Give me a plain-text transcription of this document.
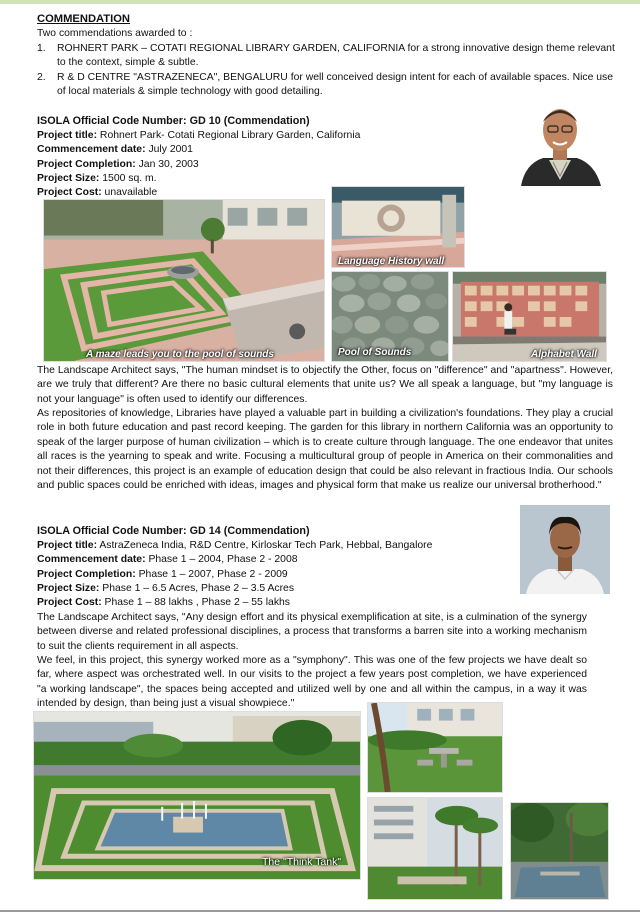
COMMENDATION
Two commendations awarded to :
1. ROHNERT PARK – COTATI REGIONAL LIBRARY GARDEN, CALIFORNIA for a strong innovative design theme relevant to the context, simple & subtle.
2. R & D CENTRE "ASTRAZENECA", BENGALURU for well conceived design intent for each of available spaces. Nice use of local materials & simple technology with good detailing.
ISOLA Official Code Number: GD 10 (Commendation)
Project title: Rohnert Park- Cotati Regional Library Garden, California
Commencement date: July 2001
Project Completion: Jan 30, 2003
Project Size: 1500 sq. m.
Project Cost: unavailable
A maze leads you to the pool of sounds
Language History wall
Pool of Sounds	Alphabet Wall

The Landscape Architect says, "The human mindset is to objectify the Other, focus on "difference" and "apartness". However, are we truly that different? Are there no basic cultural elements that unite us? We all speak a language, but "my language is not your language" is often used to identify our differences.

As repositories of knowledge, Libraries have played a valuable part in building a civilization's foundations. They play a crucial role in both future education and past record keeping. The garden for this library in northern California was an opportunity to speak of the larger purpose of human civilization – which is to create culture through language. The one endeavor that unites all races is the yearning to speak and write. Focusing a multicultural group of people in America on their commonalities and not their differences, this project is an example of education design that could be also relevant in fractious India. Our schools and public spaces could be enriched with ideas, images and physical form that make us realize our universal brotherhood."

ISOLA Official Code Number: GD 14 (Commendation)
Project title: AstraZeneca India, R&D Centre, Kirloskar Tech Park, Hebbal, Bangalore
Commencement date: Phase 1 – 2004, Phase 2 - 2008
Project Completion: Phase 1 – 2007, Phase 2 - 2009
Project Size: Phase 1 – 6.5 Acres, Phase 2 – 3.5 Acres
Project Cost: Phase 1 – 88 lakhs , Phase 2 – 55 lakhs

The Landscape Architect says, "Any design effort and its physical exemplification at site, is a culmination of the synergy between diverse and related professional disciplines, a process that transforms a barren site into a working mechanism to suit the clients requirement in all aspects.

We feel, in this project, this synergy worked more as a "symphony". This was one of the few projects we have dealt so far, where aspect was orchestrated well. In our visits to the project a few years post completion, we have experienced "a working landscape", the spaces being accepted and utilized well by one and all within the campus, in a way it was intended by design, than being just a visual showpiece."

The "Think Tank"
